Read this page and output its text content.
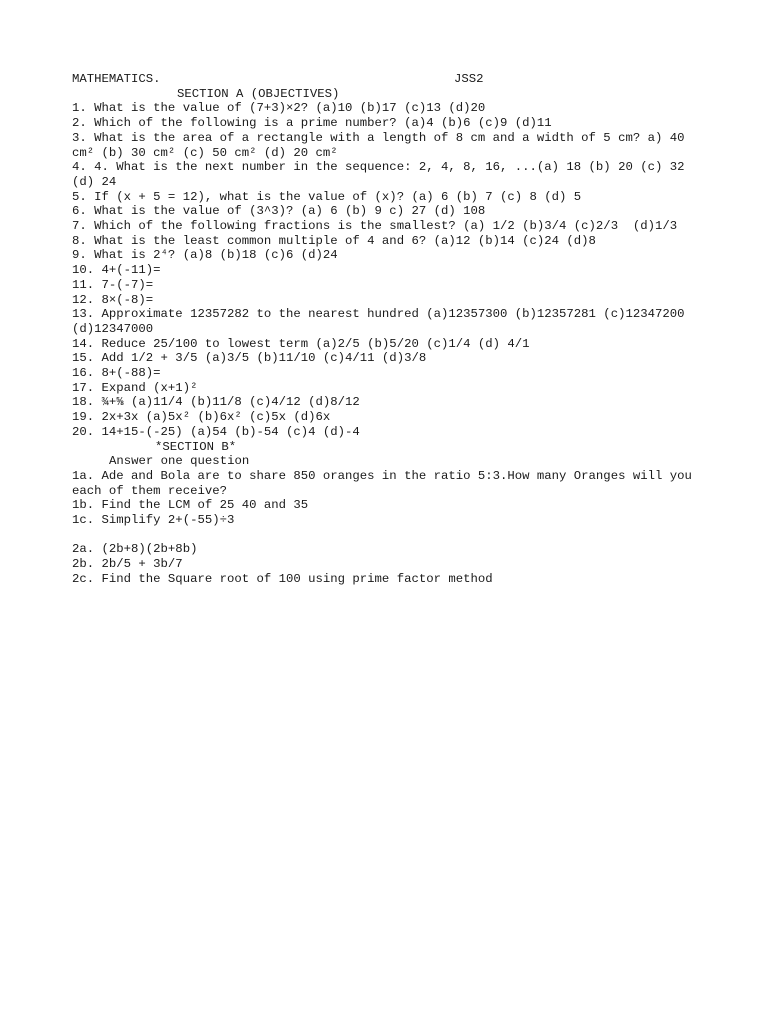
MATHEMATICS.	JSS2
SECTION A (OBJECTIVES)
1. What is the value of (7+3)×2? (a)10 (b)17 (c)13 (d)20
2. Which of the following is a prime number? (a)4 (b)6 (c)9 (d)11
3. What is the area of a rectangle with a length of 8 cm and a width of 5 cm? a) 40 cm² (b) 30 cm² (c) 50 cm² (d) 20 cm²
4. 4. What is the next number in the sequence: 2, 4, 8, 16, ...(a) 18 (b) 20 (c) 32 (d) 24
5. If (x + 5 = 12), what is the value of (x)? (a) 6 (b) 7 (c) 8 (d) 5
6. What is the value of (3^3)? (a) 6 (b) 9 c) 27 (d) 108
7. Which of the following fractions is the smallest? (a) 1/2 (b)3/4 (c)2/3  (d)1/3
8. What is the least common multiple of 4 and 6? (a)12 (b)14 (c)24 (d)8
9. What is 2⁴? (a)8 (b)18 (c)6 (d)24
10. 4+(-11)=
11. 7-(-7)=
12. 8×(-8)=
13. Approximate 12357282 to the nearest hundred (a)12357300 (b)12357281 (c)12347200 (d)12347000
14. Reduce 25/100 to lowest term (a)2/5 (b)5/20 (c)1/4 (d) 4/1
15. Add 1/2 + 3/5 (a)3/5 (b)11/10 (c)4/11 (d)3/8
16. 8+(-88)=
17. Expand (x+1)²
18. ¾+⅝ (a)11/4 (b)11/8 (c)4/12 (d)8/12
19. 2x+3x (a)5x² (b)6x² (c)5x (d)6x
20. 14+15-(-25) (a)54 (b)-54 (c)4 (d)-4
*SECTION B*
Answer one question
1a. Ade and Bola are to share 850 oranges in the ratio 5:3.How many Oranges will you each of them receive?
1b. Find the LCM of 25 40 and 35
1c. Simplify 2+(-55)÷3
2a. (2b+8)(2b+8b)
2b. 2b/5 + 3b/7
2c. Find the Square root of 100 using prime factor method
